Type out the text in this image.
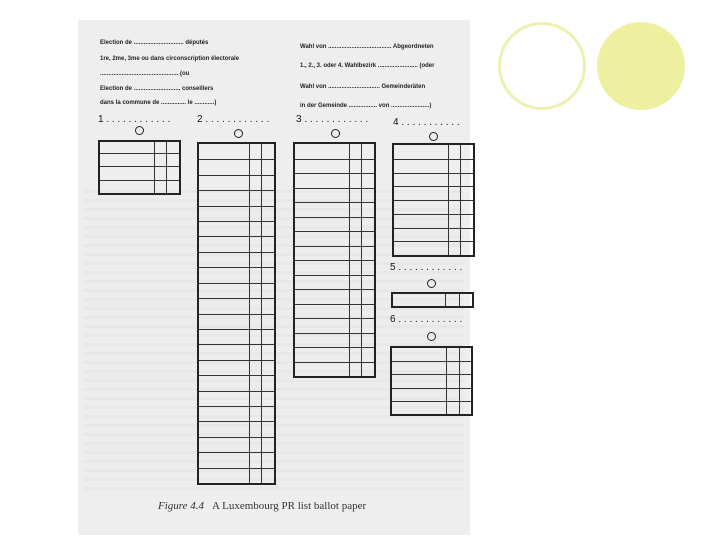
Election de .............................. députés
1re, 2me, 3me ou dans circonscription électorale
............................................... (ou
Election de ............................ conseillers
dans la commune de ............... le ............)
Wahl von ...................................... Abgeordneten
1., 2., 3. oder 4. Wahlbezirk ........................ (oder
Wahl von ............................... Gemeinderäten
in der Gemeinde ................. von .......................)
1 . . . . . . . . . . . .	2 . . . . . . . . . . . .	3 . . . . . . . . . . . . 4 . . . . . . . . . . .
5 . . . . . . . . . . . .
6 . . . . . . . . . . . .
Figure 4.4 A Luxembourg PR list ballot paper
